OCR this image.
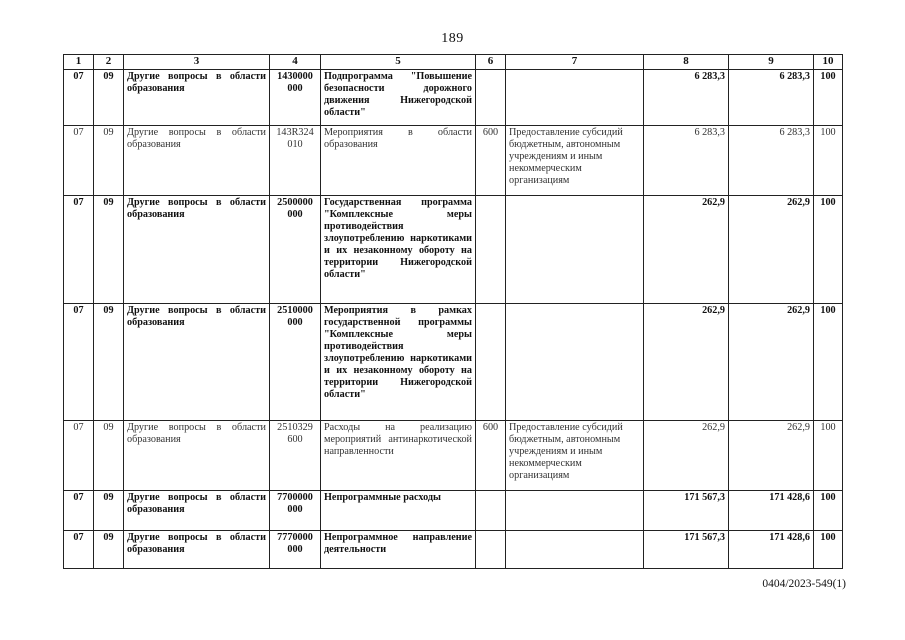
189
1	2	3	4	5	6	7	8	9	10
07	09	Другие вопросы в области образования	1430000 000	Подпрограмма "Повышение безопасности дорожного движения Нижегородской области"			6 283,3	6 283,3	100
07	09	Другие вопросы в области образования	143R324 010	Мероприятия в области образования	600	Предоставление субсидий бюджетным, автономным учреждениям и иным некоммерческим организациям	6 283,3	6 283,3	100
07	09	Другие вопросы в области образования	2500000 000	Государственная программа "Комплексные меры противодействия злоупотреблению наркотиками и их незаконному обороту на территории Нижегородской области"			262,9	262,9	100
07	09	Другие вопросы в области образования	2510000 000	Мероприятия в рамках государственной программы "Комплексные меры противодействия злоупотреблению наркотиками и их незаконному обороту на территории Нижегородской области"			262,9	262,9	100
07	09	Другие вопросы в области образования	2510329 600	Расходы на реализацию мероприятий антинаркотической направленности	600	Предоставление субсидий бюджетным, автономным учреждениям и иным некоммерческим организациям	262,9	262,9	100
07	09	Другие вопросы в области образования	7700000 000	Непрограммные расходы			171 567,3	171 428,6	100
07	09	Другие вопросы в области образования	7770000 000	Непрограммное направление деятельности			171 567,3	171 428,6	100
0404/2023-549(1)
